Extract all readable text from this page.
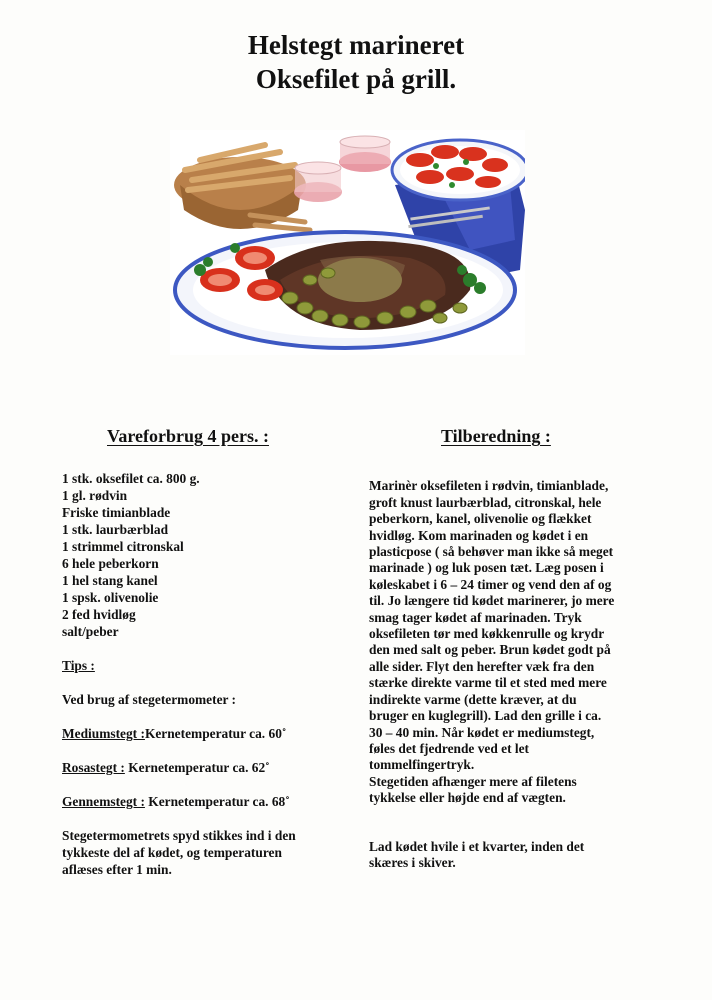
Helstegt marineret
Oksefilet på grill.
Vareforbrug 4 pers. :	Tilberedning :
1 stk. oksefilet ca. 800 g.
1 gl. rødvin
Friske timianblade
1 stk. laurbærblad
1 strimmel citronskal
6 hele peberkorn
1 hel stang kanel
1 spsk. olivenolie
2 fed hvidløg
salt/peber
Tips :
Ved brug af stegetermometer :
Mediumstegt :Kernetemperatur ca. 60˚
Rosastegt : Kernetemperatur ca. 62˚
Gennemstegt : Kernetemperatur ca. 68˚
Stegetermometrets spyd stikkes ind i den
tykkeste del af kødet, og temperaturen
aflæses efter 1 min.

Marinèr oksefileten i rødvin, timianblade,
groft knust laurbærblad, citronskal, hele
peberkorn, kanel, olivenolie og flækket
hvidløg. Kom marinaden og kødet i en
plasticpose ( så behøver man ikke så meget
marinade ) og luk posen tæt. Læg posen i
køleskabet i 6 – 24 timer og vend den af og
til. Jo længere tid kødet marinerer, jo mere
smag tager kødet af marinaden. Tryk
oksefileten tør med køkkenrulle og krydr
den med salt og peber. Brun kødet godt på
alle sider. Flyt den herefter væk fra den
stærke direkte varme til et sted med mere
indirekte varme (dette kræver, at du
bruger en kuglegrill). Lad den grille i ca.
30 – 40 min. Når kødet er mediumstegt,
føles det fjedrende ved et let
tommelfingertryk.
Stegetiden afhænger mere af filetens
tykkelse eller højde end af vægten.

Lad kødet hvile i et kvarter, inden det
skæres i skiver.
